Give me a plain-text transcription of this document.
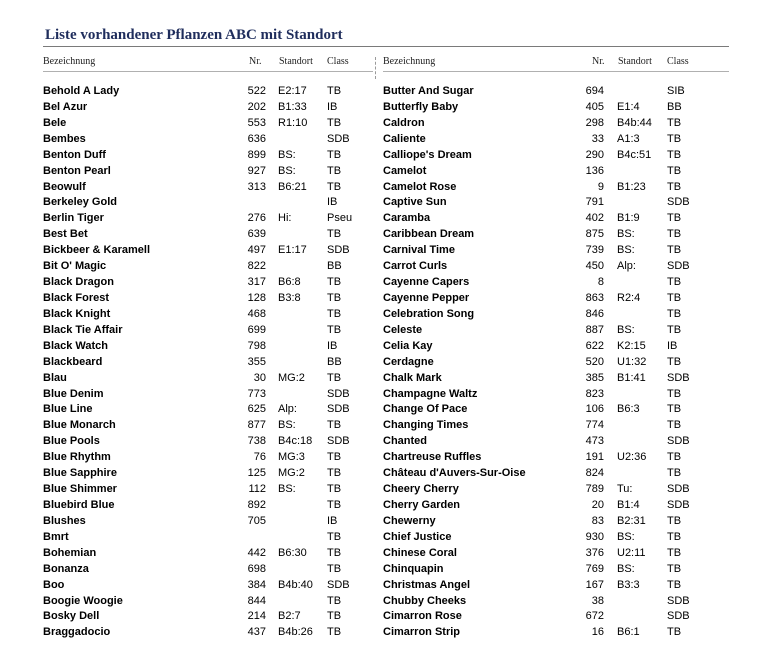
Liste vorhandener Pflanzen ABC mit Standort
Bezeichnung	Nr. Standort Class
Behold A Lady	522 E2:17	TB
Bel Azur	202 B1:33	IB
Bele	553 R1:10	TB
Bembes	636	SDB
Benton Duff	899 BS:	TB
Benton Pearl	927 BS:	TB
Beowulf	313 B6:21	TB
Berkeley Gold	IB
Berlin Tiger	276 Hi:	Pseu
Best Bet	639	TB
Bickbeer & Karamell	497 E1:17	SDB
Bit O' Magic	822	BB
Black Dragon	317 B6:8	TB
Black Forest	128 B3:8	TB
Black Knight	468	TB
Black Tie Affair	699	TB
Black Watch	798	IB
Blackbeard	355	BB
Blau	30 MG:2	TB
Blue Denim	773	SDB
Blue Line	625 Alp:	SDB
Blue Monarch	877 BS:	TB
Blue Pools	738 B4c:18	SDB
Blue Rhythm	76 MG:3	TB
Blue Sapphire	125 MG:2	TB
Blue Shimmer	112 BS:	TB
Bluebird Blue	892	TB
Blushes	705	IB
Bmrt	TB
Bohemian	442 B6:30	TB
Bonanza	698	TB
Boo	384 B4b:40	SDB
Boogie Woogie	844	TB
Bosky Dell	214 B2:7	TB
Braggadocio	437 B4b:26	TB
Bezeichnung	Nr. Standort Class
Butter And Sugar	694	SIB
Butterfly Baby	405 E1:4	BB
Caldron	298 B4b:44	TB
Caliente	33 A1:3	TB
Calliope's Dream	290 B4c:51	TB
Camelot	136	TB
Camelot Rose	9 B1:23	TB
Captive Sun	791	SDB
Caramba	402 B1:9	TB
Caribbean Dream	875 BS:	TB
Carnival Time	739 BS:	TB
Carrot Curls	450 Alp:	SDB
Cayenne Capers	8	TB
Cayenne Pepper	863 R2:4	TB
Celebration Song	846	TB
Celeste	887 BS:	TB
Celia Kay	622 K2:15	IB
Cerdagne	520 U1:32	TB
Chalk Mark	385 B1:41	SDB
Champagne Waltz	823	TB
Change Of Pace	106 B6:3	TB
Changing Times	774	TB
Chanted	473	SDB
Chartreuse Ruffles	191 U2:36	TB
Château d'Auvers-Sur-Oise	824	TB
Cheery Cherry	789 Tu:	SDB
Cherry Garden	20 B1:4	SDB
Chewerny	83 B2:31	TB
Chief Justice	930 BS:	TB
Chinese Coral	376 U2:11	TB
Chinquapin	769 BS:	TB
Christmas Angel	167 B3:3	TB
Chubby Cheeks	38	SDB
Cimarron Rose	672	SDB
Cimarron Strip	16 B6:1	TB
